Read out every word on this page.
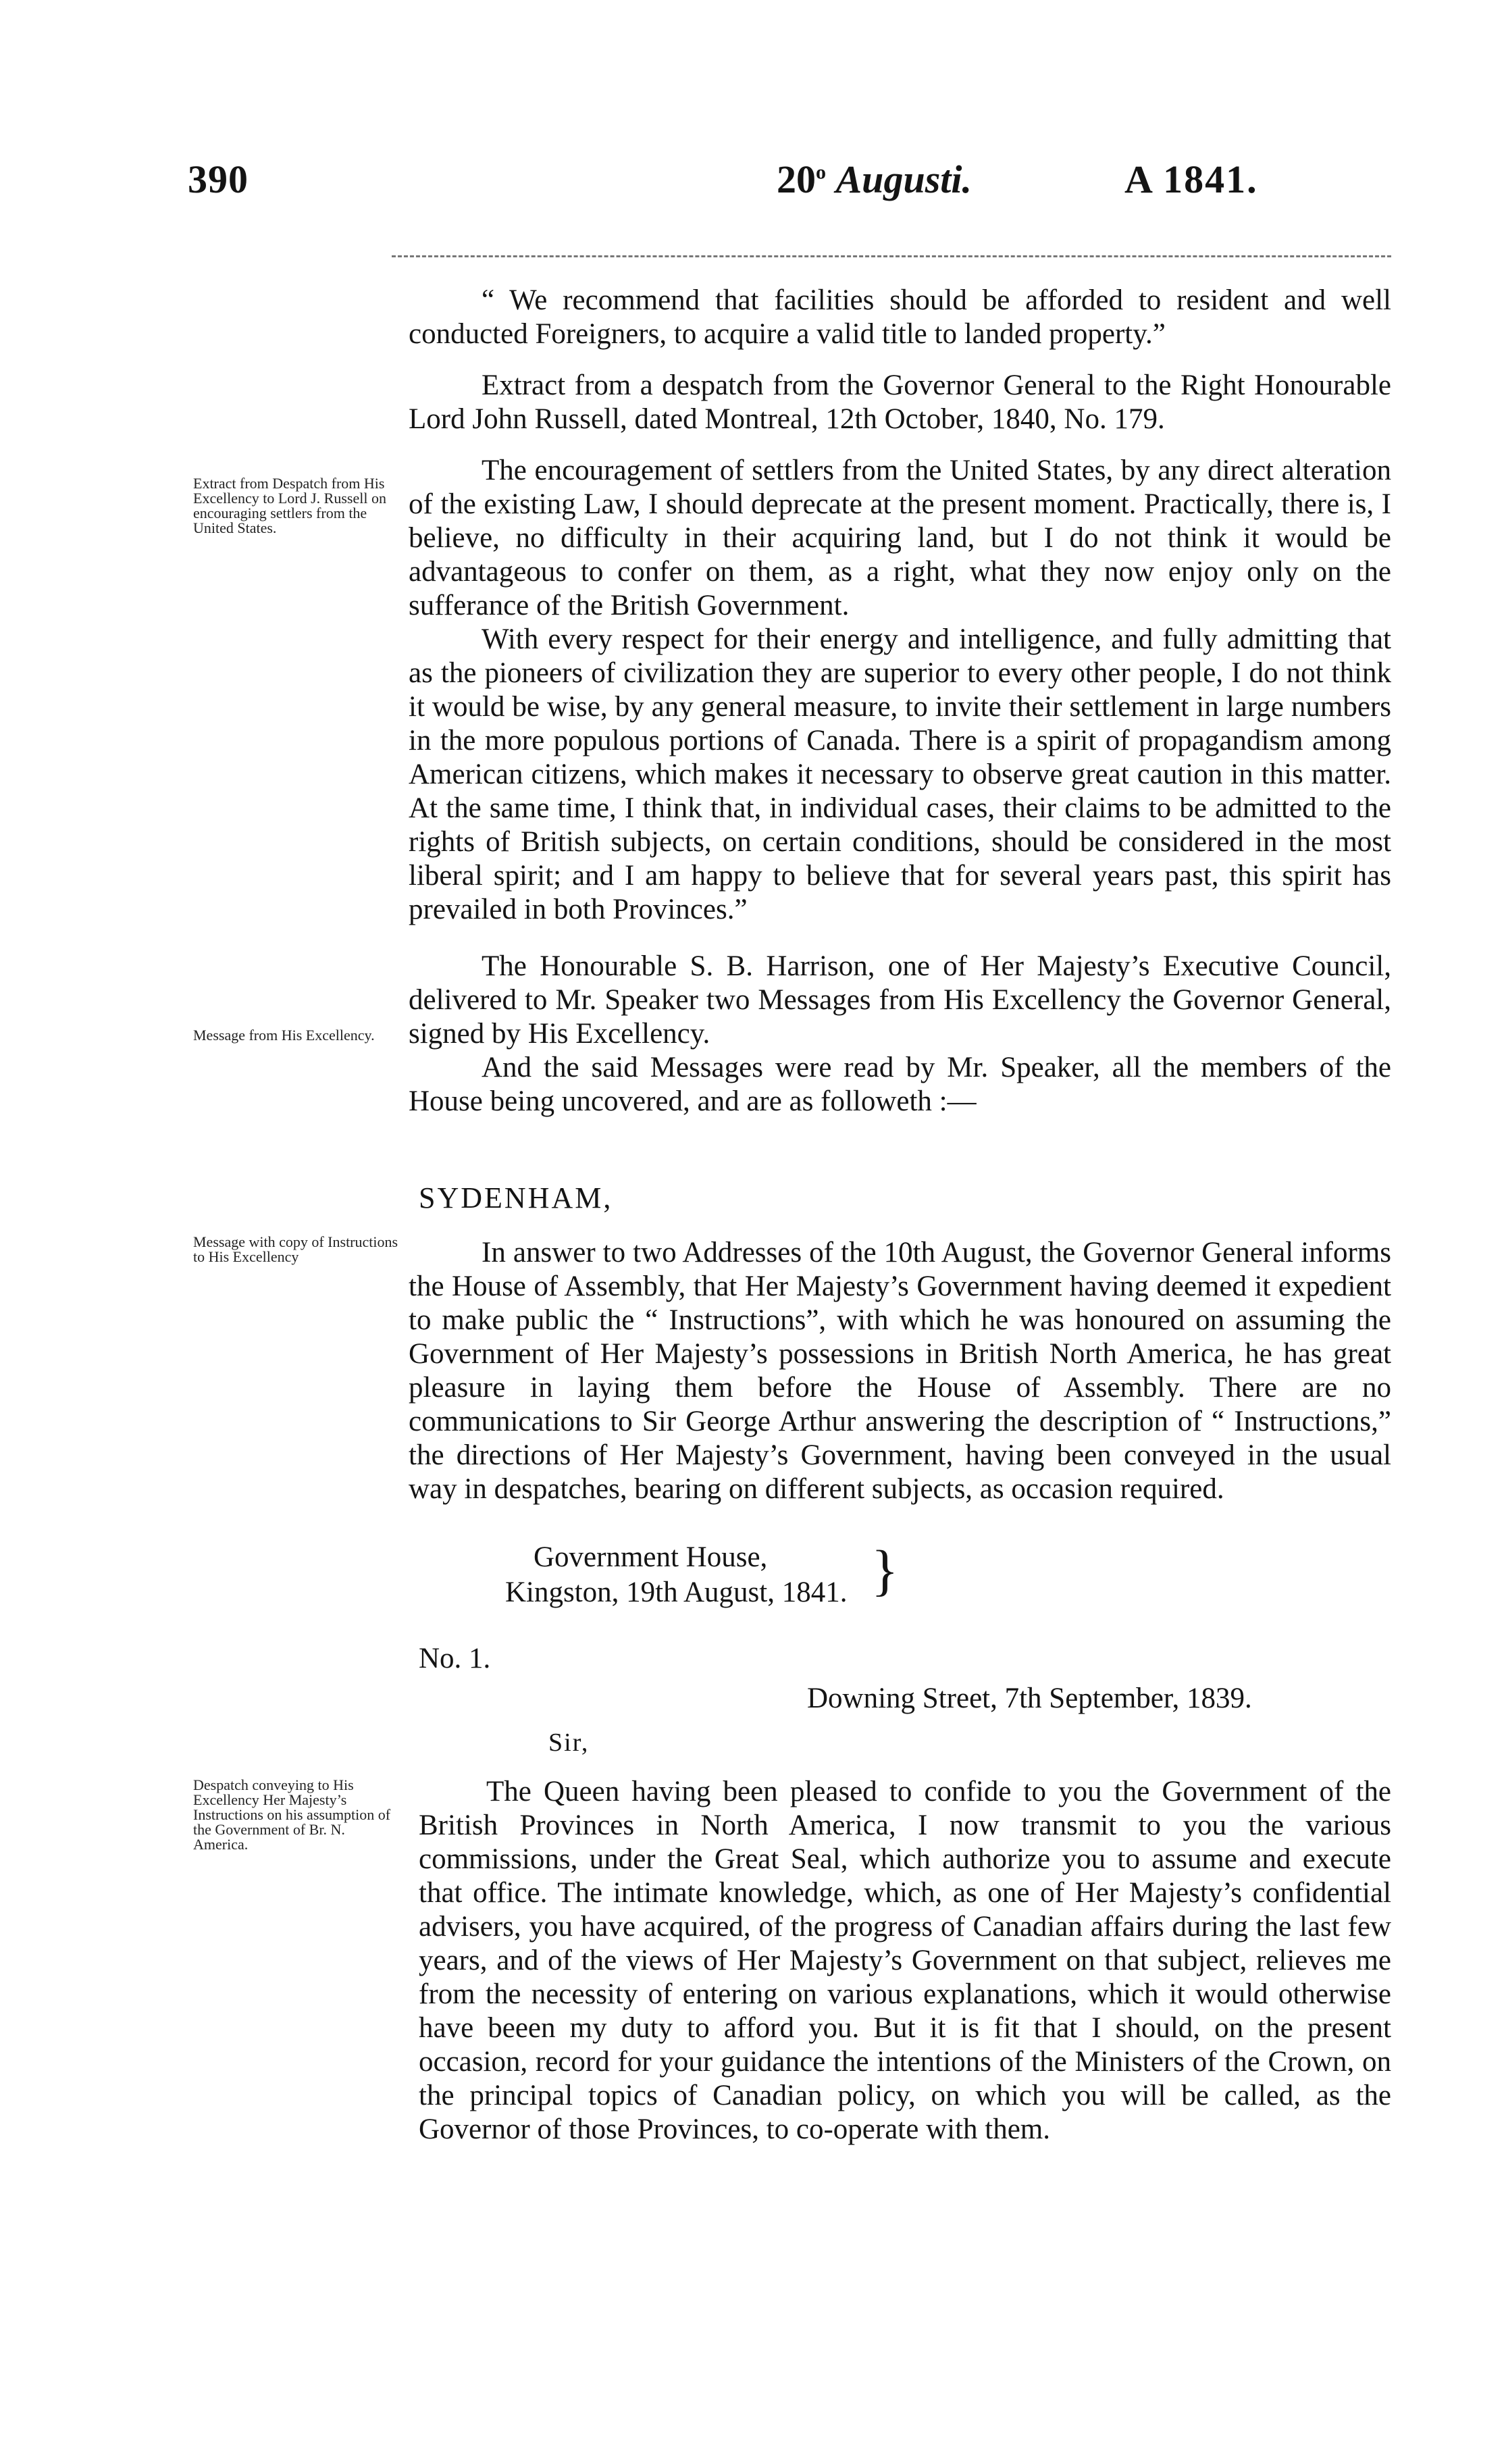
390	20$^o$ Augusti.	A 1841.
Extract from Despatch from His Excellency to Lord J. Russell on encouraging settlers from the United States.
Message from His Excellency.
Message with copy of Instructions to His Excellency
Despatch conveying to His Excellency Her Majesty’s Instructions on his assumption of the Government of Br. N. America.

“ We recommend that facilities should be afforded to resident and well conducted Foreigners, to acquire a valid title to landed property.”

Extract from a despatch from the Governor General to the Right Honourable Lord John Russell, dated Montreal, 12th October, 1840, No. 179.

The encouragement of settlers from the United States, by any direct alteration of the existing Law, I should deprecate at the present moment. Practically, there is, I believe, no difficulty in their acquiring land, but I do not think it would be advantageous to confer on them, as a right, what they now enjoy only on the sufferance of the British Government.

With every respect for their energy and intelligence, and fully admitting that as the pioneers of civilization they are superior to every other people, I do not think it would be wise, by any general measure, to invite their settlement in large numbers in the more populous portions of Canada. There is a spirit of propagandism among American citizens, which makes it necessary to observe great caution in this matter. At the same time, I think that, in individual cases, their claims to be admitted to the rights of British subjects, on certain conditions, should be considered in the most liberal spirit; and I am happy to believe that for several years past, this spirit has prevailed in both Provinces.”

The Honourable S. B. Harrison, one of Her Majesty’s Executive Council, delivered to Mr. Speaker two Messages from His Excellency the Governor General, signed by His Excellency.

And the said Messages were read by Mr. Speaker, all the members of the House being uncovered, and are as followeth :—

SYDENHAM,

In answer to two Addresses of the 10th August, the Governor General informs the House of Assembly, that Her Majesty’s Government having deemed it expedient to make public the “ Instructions”, with which he was honoured on assuming the Government of Her Majesty’s possessions in British North America, he has great pleasure in laying them before the House of Assembly. There are no communications to Sir George Arthur answering the description of “ Instructions,” the directions of Her Majesty’s Government, having been conveyed in the usual way in despatches, bearing on different subjects, as occasion required.

Government House,
Kingston, 19th August, 1841. }
No. 1.
Downing Street, 7th September, 1839.
Sir,

The Queen having been pleased to confide to you the Government of the British Provinces in North America, I now transmit to you the various commissions, under the Great Seal, which authorize you to assume and execute that office. The intimate knowledge, which, as one of Her Majesty’s confidential advisers, you have acquired, of the progress of Canadian affairs during the last few years, and of the views of Her Majesty’s Government on that subject, relieves me from the necessity of entering on various explanations, which it would otherwise have beeen my duty to afford you. But it is fit that I should, on the present occasion, record for your guidance the intentions of the Ministers of the Crown, on the principal topics of Canadian policy, on which you will be called, as the Governor of those Provinces, to co-operate with them.
